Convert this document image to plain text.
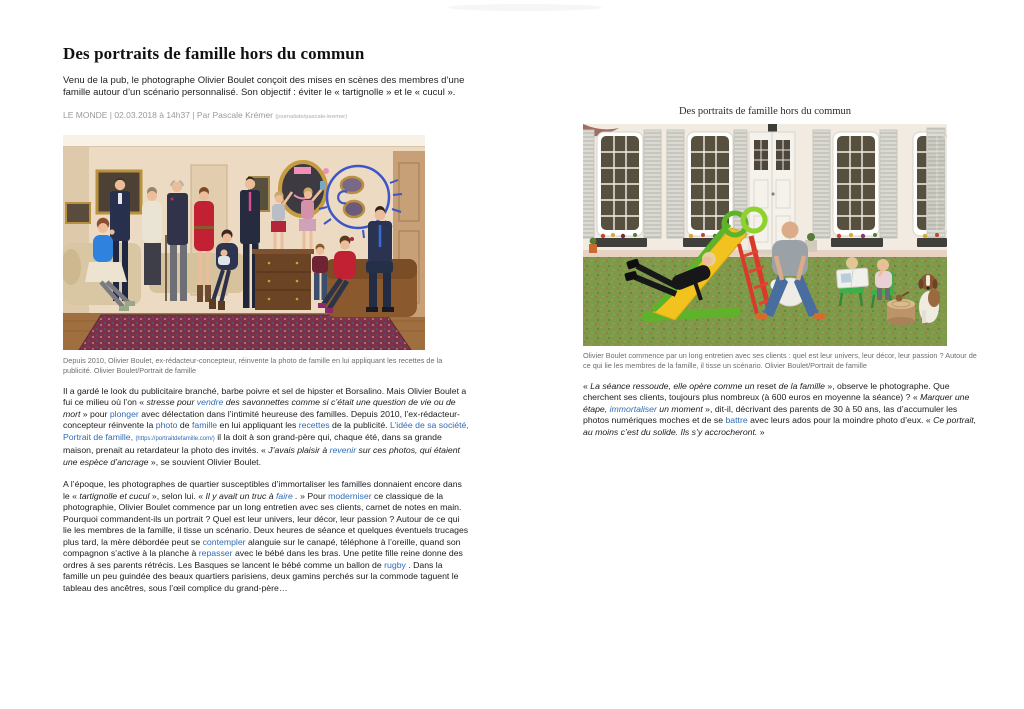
Des portraits de famille hors du commun

Venu de la pub, le photographe Olivier Boulet conçoit des mises en scènes des membres d’une famille autour d’un scénario personnalisé. Son objectif : éviter le « tartignolle » et le « cucul ».

LE MONDE | 02.03.2018 à 14h37 | Par Pascale Krémer (journaliste/pascale-kremer)

Depuis 2010, Olivier Boulet, ex-rédacteur-concepteur, réinvente la photo de famille en lui appliquant les recettes de la publicité. Olivier Boulet/Portrait de famille

Il a gardé le look du publicitaire branché, barbe poivre et sel de hipster et Borsalino. Mais Olivier Boulet a fui ce milieu où l’on « stresse pour vendre des savonnettes comme si c’était une question de vie ou de mort » pour plonger avec délectation dans l’intimité heureuse des familles. Depuis 2010, l’ex-rédacteur-concepteur réinvente la photo de famille en lui appliquant les recettes de la publicité. L’idée de sa société, Portrait de famille, (https://portraitdefamille.com/) il la doit à son grand-père qui, chaque été, dans sa grande maison, prenait au retardateur la photo des invités. « J’avais plaisir à revenir sur ces photos, qui étaient une espèce d’ancrage », se souvient Olivier Boulet.

A l’époque, les photographes de quartier susceptibles d’immortaliser les familles donnaient encore dans le « tartignolle et cucul », selon lui. « Il y avait un truc à faire . » Pour moderniser ce classique de la photographie, Olivier Boulet commence par un long entretien avec ses clients, carnet de notes en main. Pourquoi commandent-ils un portrait ? Quel est leur univers, leur décor, leur passion ? Autour de ce qui lie les membres de la famille, il tisse un scénario. Deux heures de séance et quelques éventuels trucages plus tard, la mère débordée peut se contempler alanguie sur le canapé, téléphone à l’oreille, quand son compagnon s’active à la planche à repasser avec le bébé dans les bras. Une petite fille reine donne des ordres à ses parents rétrécis. Les Basques se lancent le bébé comme un ballon de rugby . Dans la famille un peu guindée des beaux quartiers parisiens, deux gamins perchés sur la commode taguent le tableau des ancêtres, sous l’œil complice du grand-père…

Des portraits de famille hors du commun

Olivier Boulet commence par un long entretien avec ses clients : quel est leur univers, leur décor, leur passion ? Autour de ce qui lie les membres de la famille, il tisse un scénario. Olivier Boulet/Portrait de famille

« La séance ressoude, elle opère comme un reset de la famille », observe le photographe. Que cherchent ses clients, toujours plus nombreux (à 600 euros en moyenne la séance) ? « Marquer une étape, immortaliser un moment », dit-il, décrivant des parents de 30 à 50 ans, las d’accumuler les photos numériques moches et de se battre avec leurs ados pour la moindre photo d’eux. « Ce portrait, au moins c’est du solide. Ils s’y accrocheront. »
